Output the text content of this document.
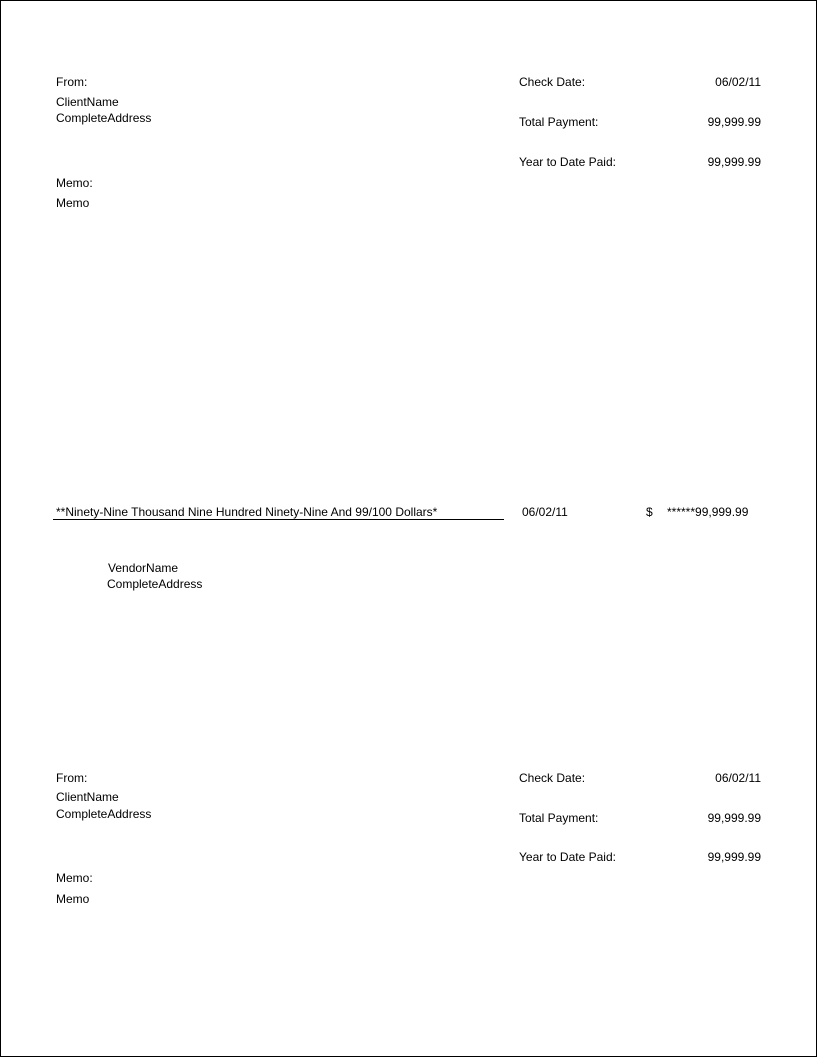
From:
ClientName
CompleteAddress
Memo:
Memo
Check Date:	06/02/11
Total Payment:	99,999.99
Year to Date Paid:	99,999.99
**Ninety-Nine Thousand Nine Hundred Ninety-Nine And 99/100 Dollars*	06/02/11	$ ******99,999.99
VendorName
CompleteAddress
From:
ClientName
CompleteAddress
Memo:
Memo
Check Date:	06/02/11
Total Payment:	99,999.99
Year to Date Paid:	99,999.99
